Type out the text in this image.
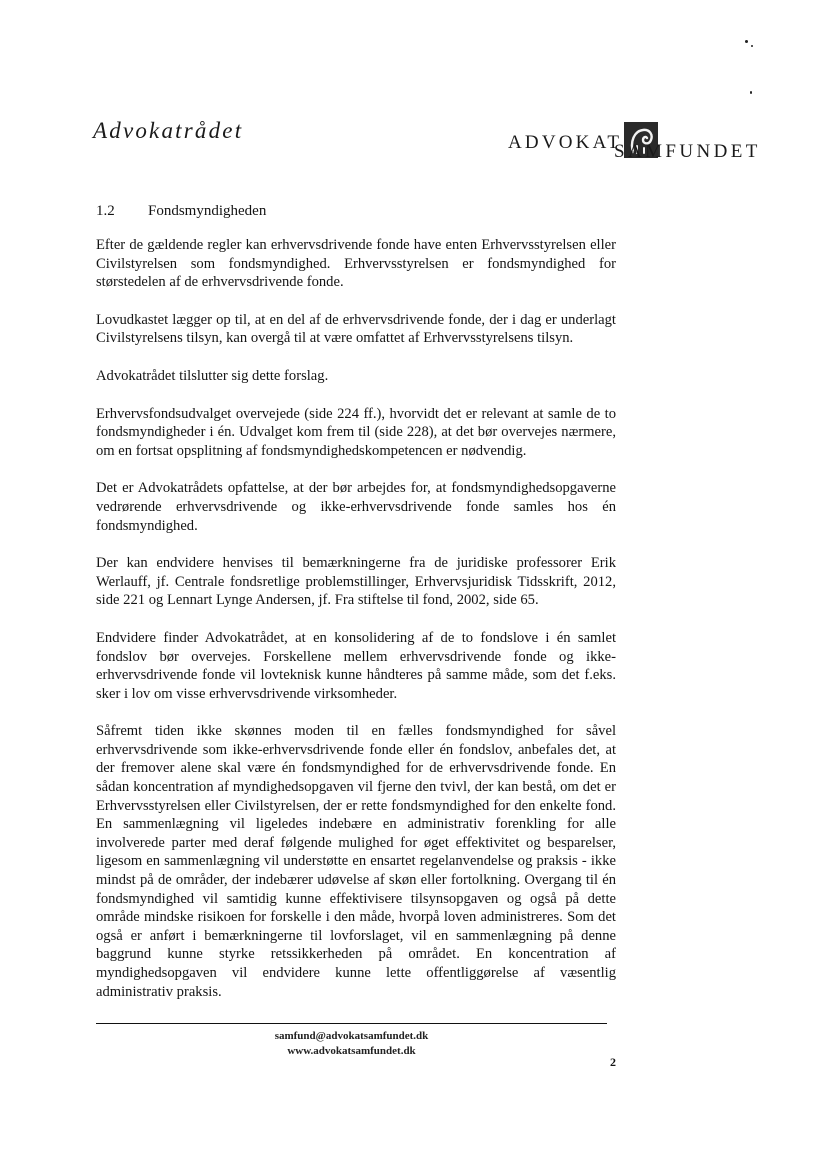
Advokatrådet	ADVOKAT
SAMFUNDET
1.2	Fondsmyndigheden

Efter de gældende regler kan erhvervsdrivende fonde have enten Erhvervsstyrelsen eller Civilstyrelsen som fondsmyndighed. Erhvervsstyrelsen er fondsmyndighed for størstedelen af de erhvervsdrivende fonde.

Lovudkastet lægger op til, at en del af de erhvervsdrivende fonde, der i dag er underlagt Civilstyrelsens tilsyn, kan overgå til at være omfattet af Erhvervsstyrelsens tilsyn.

Advokatrådet tilslutter sig dette forslag.

Erhvervsfondsudvalget overvejede (side 224 ff.), hvorvidt det er relevant at samle de to fondsmyndigheder i én. Udvalget kom frem til (side 228), at det bør overvejes nærmere, om en fortsat opsplitning af fondsmyndighedskompetencen er nødvendig.

Det er Advokatrådets opfattelse, at der bør arbejdes for, at fondsmyndighedsopgaverne vedrørende erhvervsdrivende og ikke-erhvervsdrivende fonde samles hos én fondsmyndighed.

Der kan endvidere henvises til bemærkningerne fra de juridiske professorer Erik Werlauff, jf. Centrale fondsretlige problemstillinger, Erhvervsjuridisk Tidsskrift, 2012, side 221 og Lennart Lynge Andersen, jf. Fra stiftelse til fond, 2002, side 65.

Endvidere finder Advokatrådet, at en konsolidering af de to fondslove i én samlet fondslov bør overvejes. Forskellene mellem erhvervsdrivende fonde og ikke-erhvervsdrivende fonde vil lovteknisk kunne håndteres på samme måde, som det f.eks. sker i lov om visse erhvervsdrivende virksomheder.

Såfremt tiden ikke skønnes moden til en fælles fondsmyndighed for såvel erhvervsdrivende som ikke-erhvervsdrivende fonde eller én fondslov, anbefales det, at der fremover alene skal være én fondsmyndighed for de erhvervsdrivende fonde. En sådan koncentration af myndighedsopgaven vil fjerne den tvivl, der kan bestå, om det er Erhvervsstyrelsen eller Civilstyrelsen, der er rette fondsmyndighed for den enkelte fond. En sammenlægning vil ligeledes indebære en administrativ forenkling for alle involverede parter med deraf følgende mulighed for øget effektivitet og besparelser, ligesom en sammenlægning vil understøtte en ensartet regelanvendelse og praksis - ikke mindst på de områder, der indebærer udøvelse af skøn eller fortolkning. Overgang til én fondsmyndighed vil samtidig kunne effektivisere tilsynsopgaven og også på dette område mindske risikoen for forskelle i den måde, hvorpå loven administreres. Som det også er anført i bemærkningerne til lovforslaget, vil en sammenlægning på denne baggrund kunne styrke retssikkerheden på området. En koncentration af myndighedsopgaven vil endvidere kunne lette offentliggørelse af væsentlig administrativ praksis.

samfund@advokatsamfundet.dk
www.advokatsamfundet.dk
2
